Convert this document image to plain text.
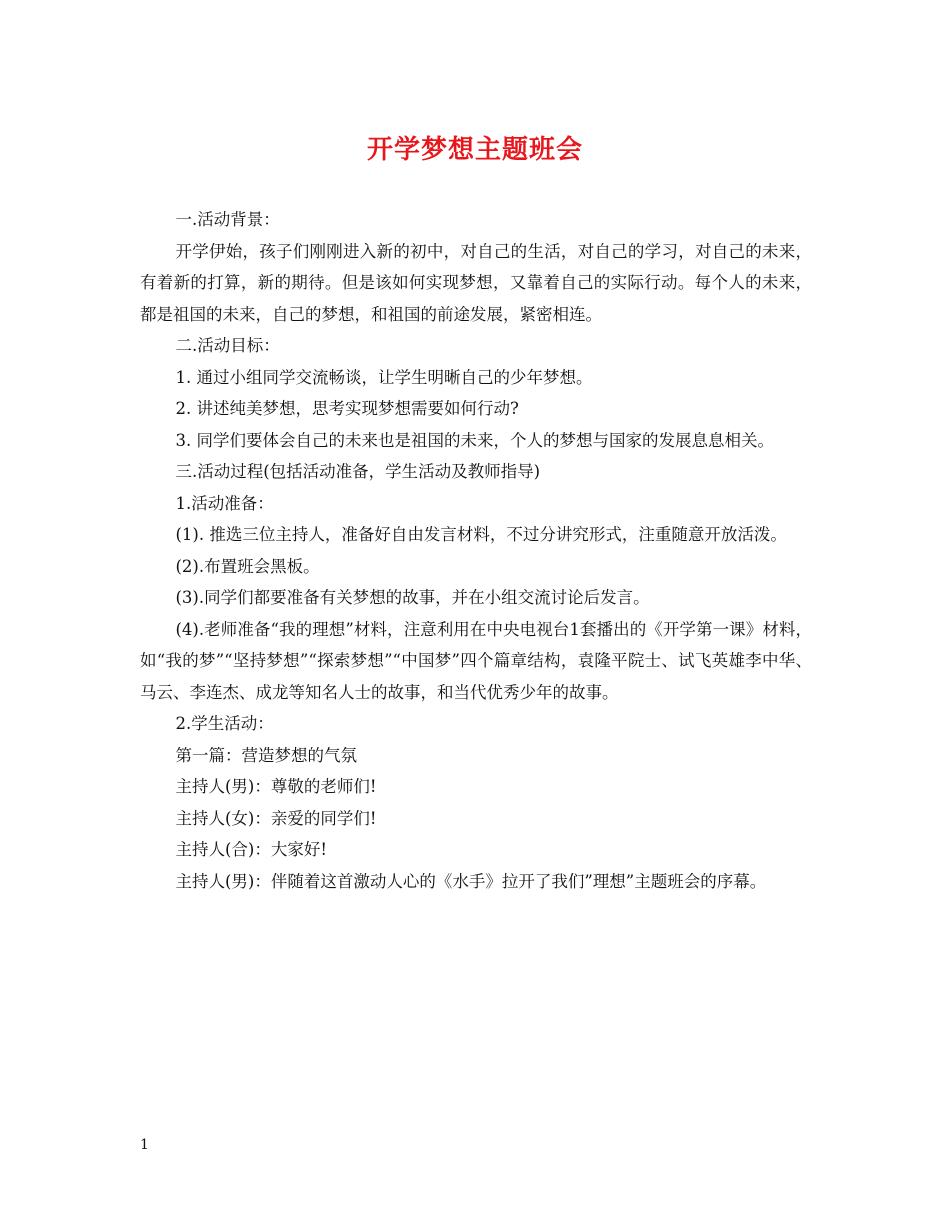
开学梦想主题班会

一.活动背景：

开学伊始，孩子们刚刚进入新的初中，对自己的生活，对自己的学习，对自己的未来，有着新的打算，新的期待。但是该如何实现梦想，又靠着自己的实际行动。每个人的未来，都是祖国的未来，自己的梦想，和祖国的前途发展，紧密相连。

二.活动目标：

1. 通过小组同学交流畅谈，让学生明晰自己的少年梦想。

2. 讲述纯美梦想，思考实现梦想需要如何行动?

3. 同学们要体会自己的未来也是祖国的未来，个人的梦想与国家的发展息息相关。

三.活动过程(包括活动准备，学生活动及教师指导)

1.活动准备：

(1). 推选三位主持人，准备好自由发言材料，不过分讲究形式，注重随意开放活泼。

(2).布置班会黑板。

(3).同学们都要准备有关梦想的故事，并在小组交流讨论后发言。

(4).老师准备“我的理想”材料，注意利用在中央电视台1套播出的《开学第一课》材料，如“我的梦”“坚持梦想”“探索梦想”“中国梦”四个篇章结构，袁隆平院士、试飞英雄李中华、马云、李连杰、成龙等知名人士的故事，和当代优秀少年的故事。

2.学生活动：

第一篇：营造梦想的气氛

主持人(男)：尊敬的老师们!

主持人(女)：亲爱的同学们!

主持人(合)：大家好!

主持人(男)：伴随着这首激动人心的《水手》拉开了我们”理想”主题班会的序幕。

1
